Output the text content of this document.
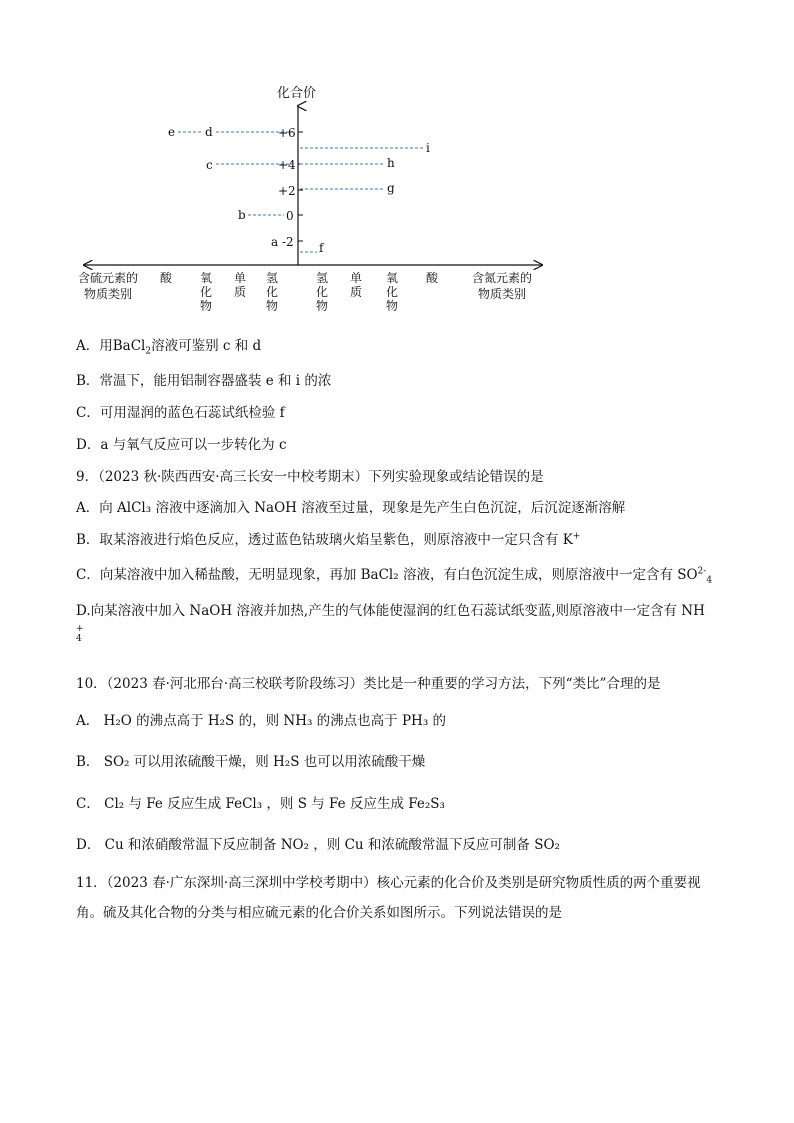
化合价
+6
+4
+2
0
-2
e d
c
b
a	f
i
h
g
含硫元素的
物质类别
含氮元素的
物质类别
酸 氧
化
物
单
质
氢
化
物
氢
化
物
单
质
氧
化
物
酸
A．用BaCl$_2$溶液可鉴别 c 和 d
B．常温下，能用铝制容器盛装 e 和 i 的浓
C．可用湿润的蓝色石蕊试纸检验 f
D．a 与氧气反应可以一步转化为 c
9．（2023 秋·陕西西安·高三长安一中校考期末）下列实验现象或结论错误的是
A．向 AlCl₃ 溶液中逐滴加入 NaOH 溶液至过量，现象是先产生白色沉淀，后沉淀逐渐溶解
B．取某溶液进行焰色反应，透过蓝色钴玻璃火焰呈紫色，则原溶液中一定只含有 K+
C．向某溶液中加入稀盐酸，无明显现象，再加 BaCl₂ 溶液，有白色沉淀生成，则原溶液中一定含有 $SO^{2-}_4$
D.向某溶液中加入 NaOH 溶液并加热,产生的气体能使湿润的红色石蕊试纸变蓝,则原溶液中一定含有 NH
+
4
10．（2023 春·河北邢台·高三校联考阶段练习）类比是一种重要的学习方法，下列“类比”合理的是
A． H₂O 的沸点高于 H₂S 的，则 NH₃ 的沸点也高于 PH₃ 的
B． SO₂ 可以用浓硫酸干燥，则 H₂S 也可以用浓硫酸干燥
C． Cl₂ 与 Fe 反应生成 FeCl₃ ，则 S 与 Fe 反应生成 Fe₂S₃
D． Cu 和浓硝酸常温下反应制备 NO₂ ，则 Cu 和浓硫酸常温下反应可制备 SO₂
11．（2023 春·广东深圳·高三深圳中学校考期中）核心元素的化合价及类别是研究物质性质的两个重要视
角。硫及其化合物的分类与相应硫元素的化合价关系如图所示。下列说法错误的是
